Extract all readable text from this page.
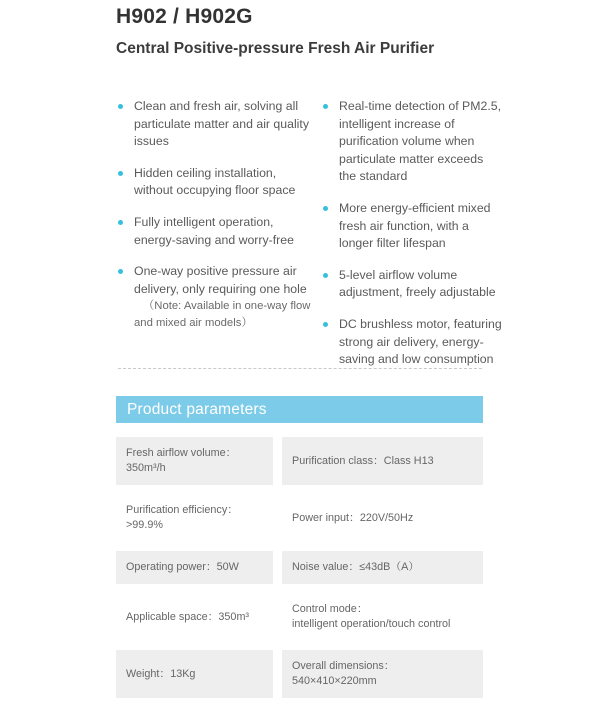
H902 / H902G
Central Positive-pressure Fresh Air Purifier
Clean and fresh air, solving all particulate matter and air quality issues
Hidden ceiling installation, without occupying floor space
Fully intelligent operation, energy-saving and worry-free
One-way positive pressure air delivery, only requiring one hole
（Note: Available in one-way flow and mixed air models）
Real-time detection of PM2.5, intelligent increase of purification volume when particulate matter exceeds the standard
More energy-efficient mixed fresh air function, with a longer filter lifespan
5-level airflow volume adjustment, freely adjustable
DC brushless motor, featuring strong air delivery, energy-saving and low consumption
Product parameters
Fresh airflow volume：350m³/h
Purification class：Class H13
Purification efficiency：>99.9%
Power input：220V/50Hz
Operating power：50W	Noise value：≤43dB（A）
Applicable space：350m³
Control mode：
intelligent operation/touch control
Weight：13Kg
Overall dimensions：540×410×220mm
